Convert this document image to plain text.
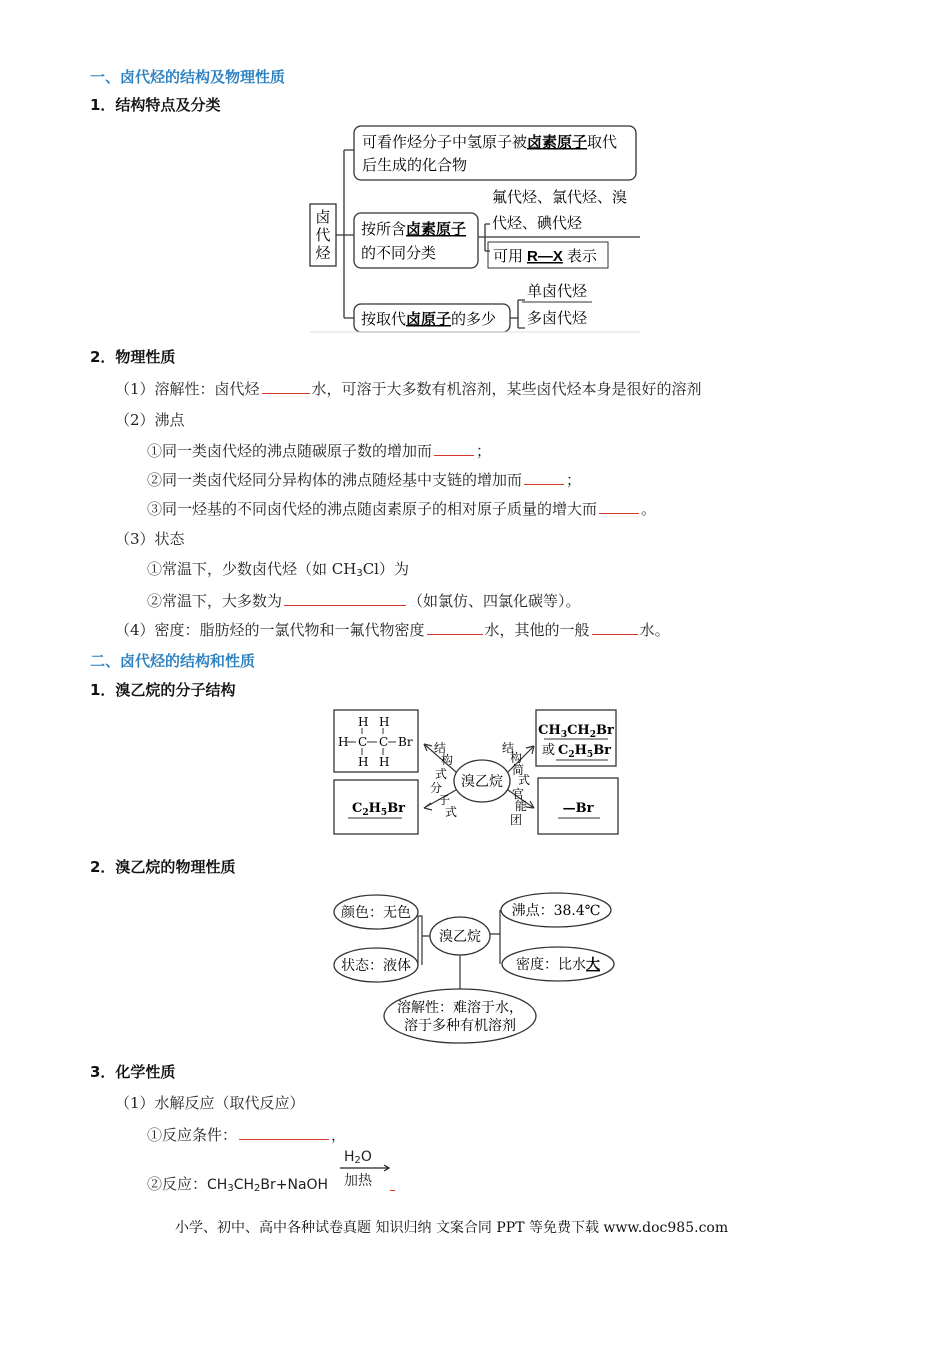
一、卤代烃的结构及物理性质
1．结构特点及分类
卤
代
烃
可看作烃分子中氢原子被卤素原子取代
后生成的化合物
按所含卤素原子
的不同分类
氟代烃、氯代烃、溴
代烃、碘代烃
可用 R—X 表示
按取代卤原子的多少
单卤代烃
多卤代烃
2．物理性质
（1）溶解性：卤代烃	水，可溶于大多数有机溶剂，某些卤代烃本身是很好的溶剂
（2）沸点
①同一类卤代烃的沸点随碳原子数的增加而	；
②同一类卤代烃同分异构体的沸点随烃基中支链的增加而	；
③同一烃基的不同卤代烃的沸点随卤素原子的相对原子质量的增大而	。
（3）状态
①常温下，少数卤代烃（如 $CH_3Cl$）为
②常温下，大多数为	（如氯仿、四氯化碳等）。
（4）密度：脂肪烃的一氯代物和一氟代物密度	水，其他的一般	水。
二、卤代烃的结构和性质
1．溴乙烷的分子结构
H H
H C C Br
H H
$C_2H_5Br$
溴乙烷
结
构
式
分
子
式
结
构
简
式
官
能
团
$CH_3CH_2Br$
或 $C_2H_5Br$
—Br
2．溴乙烷的物理性质
溴乙烷
颜色：无色	沸点：38.4℃
状态：液体	密度：比水大
溶解性：难溶于水，
溶于多种有机溶剂
3．化学性质
（1）水解反应（取代反应）
①反应条件：	，
②反应：$CH_3CH_2Br+NaOH$
$H_2O$
加热
小学、初中、高中各种试卷真题 知识归纳 文案合同 PPT 等免费下载 www.doc985.com
